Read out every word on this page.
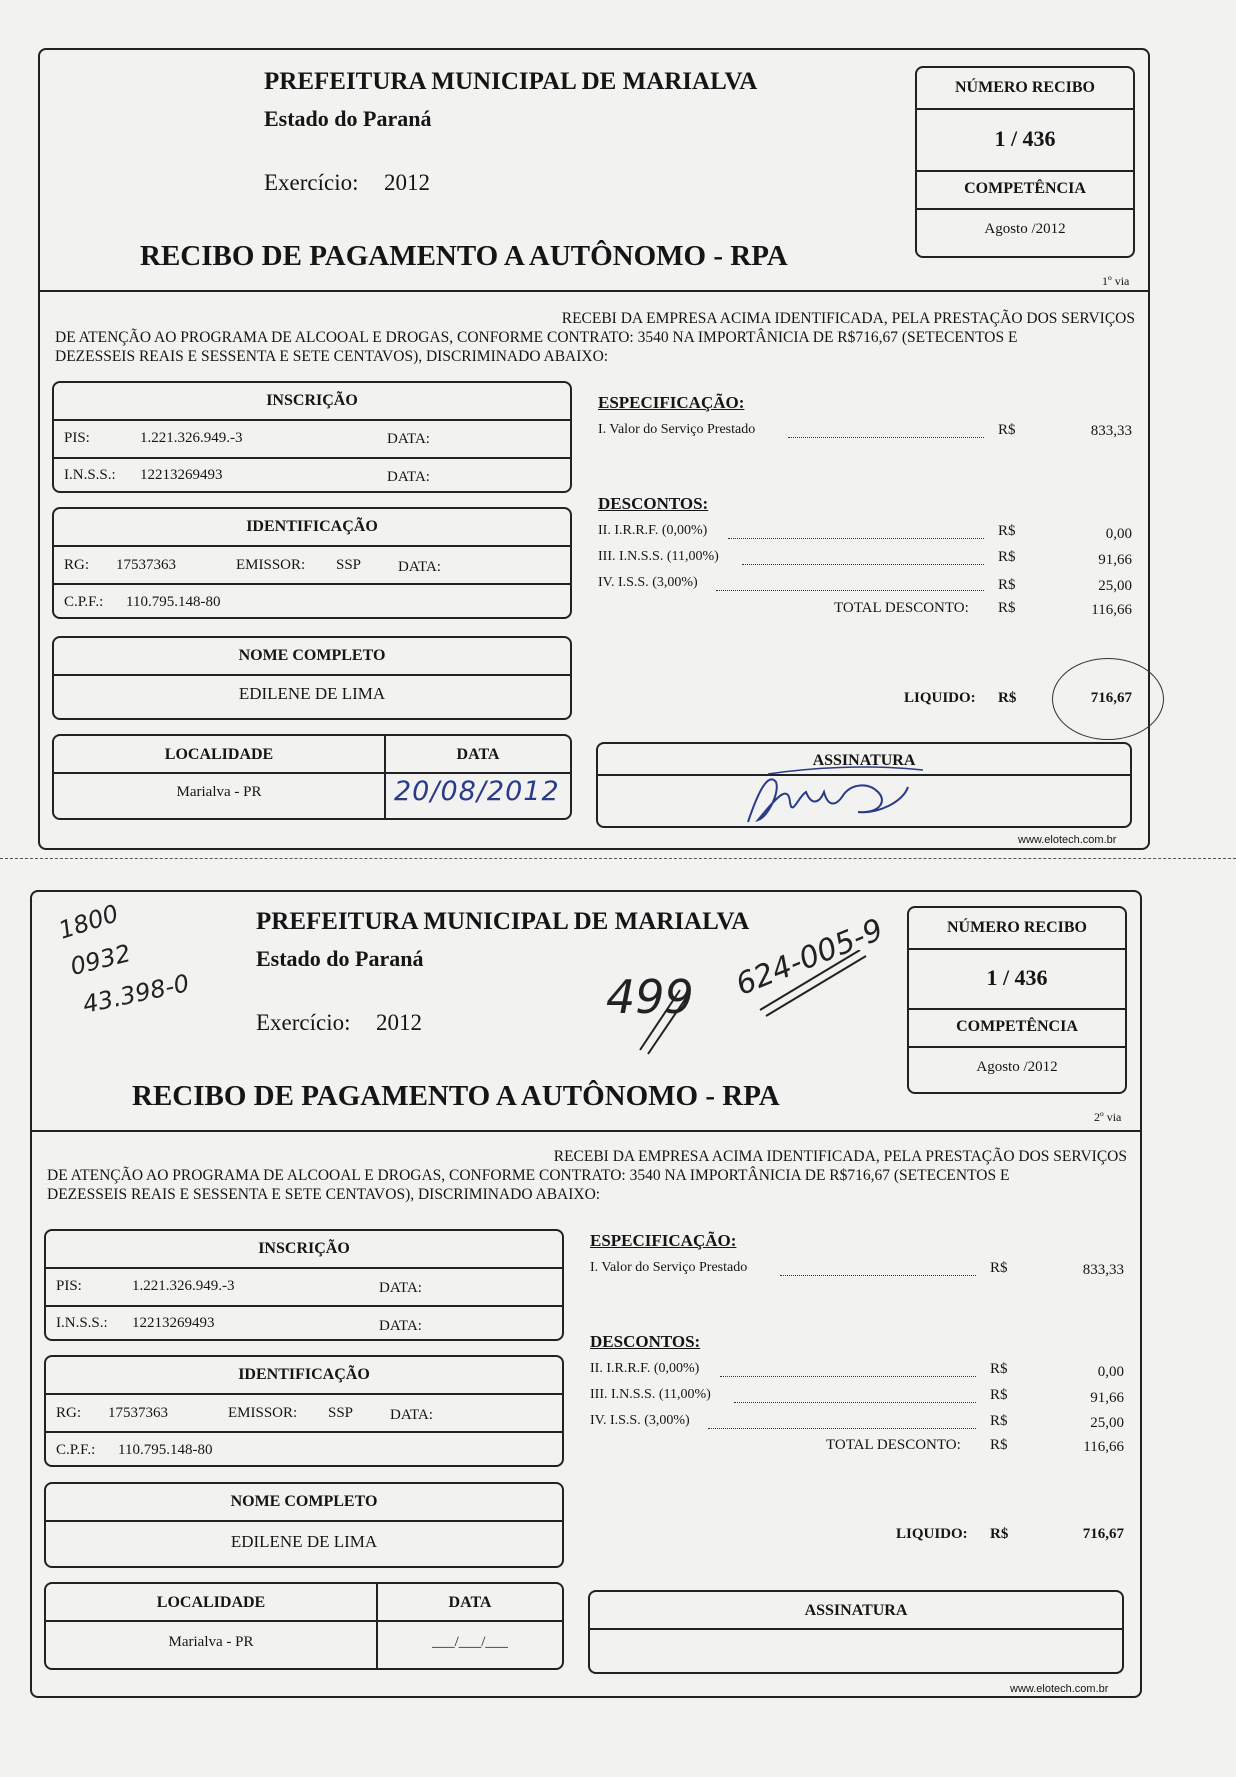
PREFEITURA MUNICIPAL DE MARIALVA
Estado do Paraná
Exercício: 2012
RECIBO DE PAGAMENTO A AUTÔNOMO - RPA
NÚMERO RECIBO
1 / 436
COMPETÊNCIA
Agosto /2012
1º via
RECEBI DA EMPRESA ACIMA IDENTIFICADA, PELA PRESTAÇÃO DOS SERVIÇOS
DE ATENÇÃO AO PROGRAMA DE ALCOOAL E DROGAS, CONFORME CONTRATO: 3540 NA IMPORTÂNICIA DE R$716,67 (SETECENTOS E
DEZESSEIS REAIS E SESSENTA E SETE CENTAVOS), DISCRIMINADO ABAIXO:
INSCRIÇÃO
PIS:	1.221.326.949.-3	DATA:
I.N.S.S.: 12213269493	DATA:
IDENTIFICAÇÃO
RG: 17537363	EMISSOR: SSP DATA:
C.P.F.: 110.795.148-80
NOME COMPLETO
EDILENE DE LIMA
LOCALIDADE
Marialva - PR
DATA
20/08/2012
ASSINATURA
ESPECIFICAÇÃO:
I. Valor do Serviço Prestado	R$	833,33
DESCONTOS:
II. I.R.R.F. (0,00%)	R$	0,00
III. I.N.S.S. (11,00%)	R$	91,66
IV. I.S.S. (3,00%)	R$	25,00
TOTAL DESCONTO: R$	116,66
LIQUIDO: R$	716,67
www.elotech.com.br
PREFEITURA MUNICIPAL DE MARIALVA
Estado do Paraná
Exercício: 2012
RECIBO DE PAGAMENTO A AUTÔNOMO - RPA
NÚMERO RECIBO
1 / 436
COMPETÊNCIA
Agosto /2012
2º via
RECEBI DA EMPRESA ACIMA IDENTIFICADA, PELA PRESTAÇÃO DOS SERVIÇOS
DE ATENÇÃO AO PROGRAMA DE ALCOOAL E DROGAS, CONFORME CONTRATO: 3540 NA IMPORTÂNICIA DE R$716,67 (SETECENTOS E
DEZESSEIS REAIS E SESSENTA E SETE CENTAVOS), DISCRIMINADO ABAIXO:
INSCRIÇÃO
PIS:	1.221.326.949.-3	DATA:
I.N.S.S.: 12213269493	DATA:
IDENTIFICAÇÃO
RG: 17537363	EMISSOR: SSP DATA:
C.P.F.: 110.795.148-80
NOME COMPLETO
EDILENE DE LIMA
LOCALIDADE
Marialva - PR
DATA
___/___/___
ASSINATURA
ESPECIFICAÇÃO:
I. Valor do Serviço Prestado	R$	833,33
DESCONTOS:
II. I.R.R.F. (0,00%)	R$	0,00
III. I.N.S.S. (11,00%)	R$	91,66
IV. I.S.S. (3,00%)	R$	25,00
TOTAL DESCONTO: R$	116,66
LIQUIDO: R$	716,67
www.elotech.com.br
1800
0932
43.398-0	499 624-005-9
